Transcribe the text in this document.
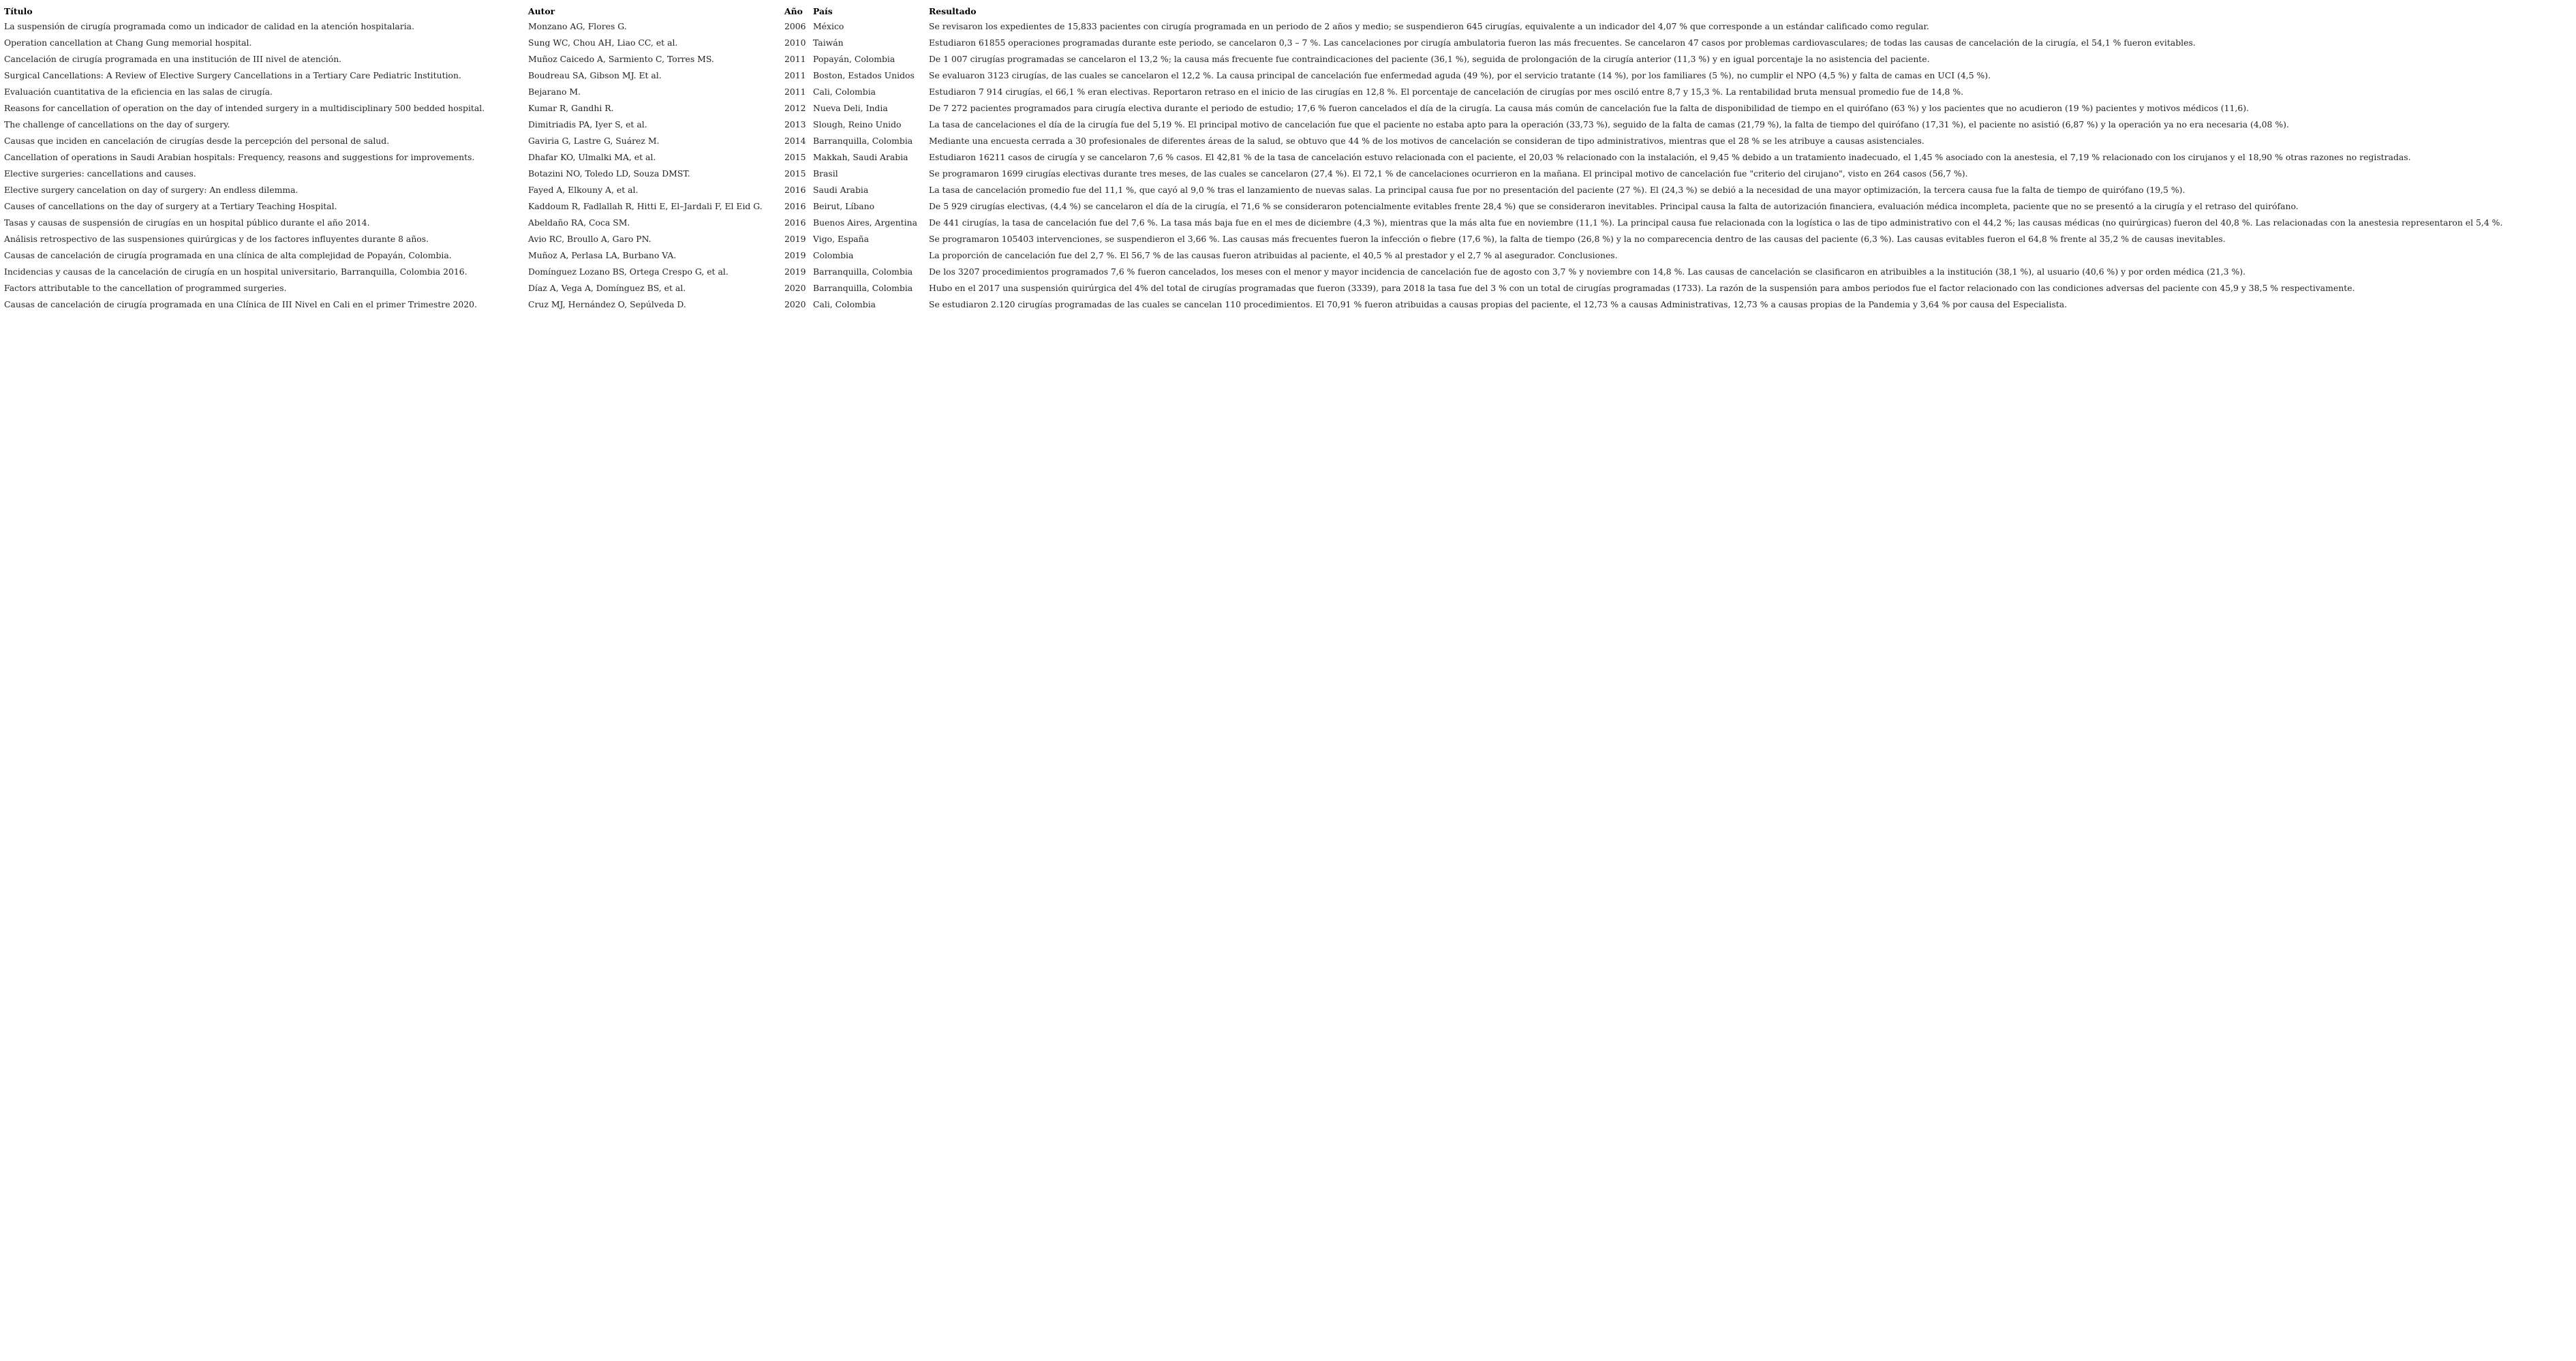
Título	Autor	Año	País	Resultado
La suspensión de cirugía programada como un indicador de calidad en la atención hospitalaria.	Monzano AG, Flores G.	2006	México	Se revisaron los expedientes de 15,833 pacientes con cirugía programada en un periodo de 2 años y medio; se suspendieron 645 cirugías, equivalente a un indicador del 4,07 % que corresponde a un estándar calificado como regular.
Operation cancellation at Chang Gung memorial hospital.	Sung WC, Chou AH, Liao CC, et al.	2010	Taiwán	Estudiaron 61855 operaciones programadas durante este periodo, se cancelaron 0,3 – 7 %. Las cancelaciones por cirugía ambulatoria fueron las más frecuentes. Se cancelaron 47 casos por problemas cardiovasculares; de todas las causas de cancelación de la cirugía, el 54,1 % fueron evitables.
Cancelación de cirugía programada en una institución de III nivel de atención.	Muñoz Caicedo A, Sarmiento C, Torres MS.	2011	Popayán, Colombia	De 1 007 cirugías programadas se cancelaron el 13,2 %; la causa más frecuente fue contraindicaciones del paciente (36,1 %), seguida de prolongación de la cirugía anterior (11,3 %) y en igual porcentaje la no asistencia del paciente.
Surgical Cancellations: A Review of Elective Surgery Cancellations in a Tertiary Care Pediatric Institution.	Boudreau SA, Gibson MJ. Et al.	2011	Boston, Estados Unidos	Se evaluaron 3123 cirugías, de las cuales se cancelaron el 12,2 %. La causa principal de cancelación fue enfermedad aguda (49 %), por el servicio tratante (14 %), por los familiares (5 %), no cumplir el NPO (4,5 %) y falta de camas en UCI (4,5 %).
Evaluación cuantitativa de la eficiencia en las salas de cirugía.	Bejarano M.	2011	Cali, Colombia	Estudiaron 7 914 cirugías, el 66,1 % eran electivas. Reportaron retraso en el inicio de las cirugías en 12,8 %. El porcentaje de cancelación de cirugías por mes osciló entre 8,7 y 15,3 %. La rentabilidad bruta mensual promedio fue de 14,8 %.
Reasons for cancellation of operation on the day of intended surgery in a multidisciplinary 500 bedded hospital.	Kumar R, Gandhi R.	2012	Nueva Deli, India	De 7 272 pacientes programados para cirugía electiva durante el periodo de estudio; 17,6 % fueron cancelados el día de la cirugía. La causa más común de cancelación fue la falta de disponibilidad de tiempo en el quirófano (63 %) y los pacientes que no acudieron (19 %) pacientes y motivos médicos (11,6).
The challenge of cancellations on the day of surgery.	Dimitriadis PA, Iyer S, et al.	2013	Slough, Reino Unido	La tasa de cancelaciones el día de la cirugía fue del 5,19 %. El principal motivo de cancelación fue que el paciente no estaba apto para la operación (33,73 %), seguido de la falta de camas (21,79 %), la falta de tiempo del quirófano (17,31 %), el paciente no asistió (6,87 %) y la operación ya no era necesaria (4,08 %).
Causas que inciden en cancelación de cirugías desde la percepción del personal de salud.	Gaviria G, Lastre G, Suárez M.	2014	Barranquilla, Colombia	Mediante una encuesta cerrada a 30 profesionales de diferentes áreas de la salud, se obtuvo que 44 % de los motivos de cancelación se consideran de tipo administrativos, mientras que el 28 % se les atribuye a causas asistenciales.
Cancellation of operations in Saudi Arabian hospitals: Frequency, reasons and suggestions for improvements.	Dhafar KO, Ulmalki MA, et al.	2015	Makkah, Saudi Arabia	Estudiaron 16211 casos de cirugía y se cancelaron 7,6 % casos. El 42,81 % de la tasa de cancelación estuvo relacionada con el paciente, el 20,03 % relacionado con la instalación, el 9,45 % debido a un tratamiento inadecuado, el 1,45 % asociado con la anestesia, el 7,19 % relacionado con los cirujanos y el 18,90 % otras razones no registradas.
Elective surgeries: cancellations and causes.	Botazini NO, Toledo LD, Souza DMST.	2015	Brasil	Se programaron 1699 cirugías electivas durante tres meses, de las cuales se cancelaron (27,4 %). El 72,1 % de cancelaciones ocurrieron en la mañana. El principal motivo de cancelación fue "criterio del cirujano", visto en 264 casos (56,7 %).
Elective surgery cancelation on day of surgery: An endless dilemma.	Fayed A, Elkouny A, et al.	2016	Saudi Arabia	La tasa de cancelación promedio fue del 11,1 %, que cayó al 9,0 % tras el lanzamiento de nuevas salas. La principal causa fue por no presentación del paciente (27 %). El (24,3 %) se debió a la necesidad de una mayor optimización, la tercera causa fue la falta de tiempo de quirófano (19,5 %).
Causes of cancellations on the day of surgery at a Tertiary Teaching Hospital.	Kaddoum R, Fadlallah R, Hitti E, El–Jardali F, El Eid G.	2016	Beirut, Líbano	De 5 929 cirugías electivas, (4,4 %) se cancelaron el día de la cirugía, el 71,6 % se consideraron potencialmente evitables frente 28,4 %) que se consideraron inevitables. Principal causa la falta de autorización financiera, evaluación médica incompleta, paciente que no se presentó a la cirugía y el retraso del quirófano.
Tasas y causas de suspensión de cirugías en un hospital público durante el año 2014.	Abeldaño RA, Coca SM.	2016	Buenos Aires, Argentina	De 441 cirugías, la tasa de cancelación fue del 7,6 %. La tasa más baja fue en el mes de diciembre (4,3 %), mientras que la más alta fue en noviembre (11,1 %). La principal causa fue relacionada con la logística o las de tipo administrativo con el 44,2 %; las causas médicas (no quirúrgicas) fueron del 40,8 %. Las relacionadas con la anestesia representaron el 5,4 %.
Análisis retrospectivo de las suspensiones quirúrgicas y de los factores influyentes durante 8 años.	Avio RC, Broullo A, Garo PN.	2019	Vigo, España	Se programaron 105403 intervenciones, se suspendieron el 3,66 %. Las causas más frecuentes fueron la infección o fiebre (17,6 %), la falta de tiempo (26,8 %) y la no comparecencia dentro de las causas del paciente (6,3 %). Las causas evitables fueron el 64,8 % frente al 35,2 % de causas inevitables.
Causas de cancelación de cirugía programada en una clínica de alta complejidad de Popayán, Colombia.	Muñoz A, Perlasa LA, Burbano VA.	2019	Colombia	La proporción de cancelación fue del 2,7 %. El 56,7 % de las causas fueron atribuidas al paciente, el 40,5 % al prestador y el 2,7 % al asegurador. Conclusiones.
Incidencias y causas de la cancelación de cirugía en un hospital universitario, Barranquilla, Colombia 2016.	Domínguez Lozano BS, Ortega Crespo G, et al.	2019	Barranquilla, Colombia	De los 3207 procedimientos programados 7,6 % fueron cancelados, los meses con el menor y mayor incidencia de cancelación fue de agosto con 3,7 % y noviembre con 14,8 %. Las causas de cancelación se clasificaron en atribuibles a la institución (38,1 %), al usuario (40,6 %) y por orden médica (21,3 %).
Factors attributable to the cancellation of programmed surgeries.	Díaz A, Vega A, Domínguez BS, et al.	2020	Barranquilla, Colombia	Hubo en el 2017 una suspensión quirúrgica del 4% del total de cirugías programadas que fueron (3339), para 2018 la tasa fue del 3 % con un total de cirugías programadas (1733). La razón de la suspensión para ambos periodos fue el factor relacionado con las condiciones adversas del paciente con 45,9 y 38,5 % respectivamente.
Causas de cancelación de cirugía programada en una Clínica de III Nivel en Cali en el primer Trimestre 2020.	Cruz MJ, Hernández O, Sepúlveda D.	2020	Cali, Colombia	Se estudiaron 2.120 cirugías programadas de las cuales se cancelan 110 procedimientos. El 70,91 % fueron atribuidas a causas propias del paciente, el 12,73 % a causas Administrativas, 12,73 % a causas propias de la Pandemia y 3,64 % por causa del Especialista.
